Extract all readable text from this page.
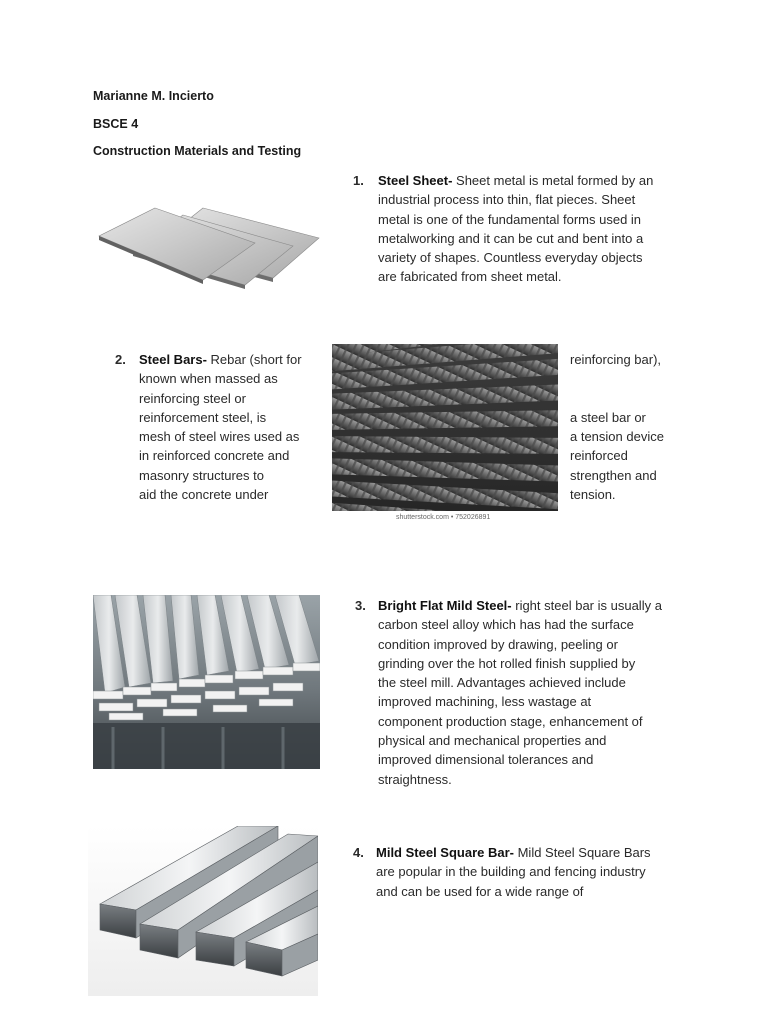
Marianne M. Incierto
BSCE 4
Construction Materials and Testing
1. Steel Sheet- Sheet metal is metal formed by an
industrial process into thin, flat pieces. Sheet
metal is one of the fundamental forms used in
metalworking and it can be cut and bent into a
variety of shapes. Countless everyday objects
are fabricated from sheet metal.
2. Steel Bars- Rebar (short for
known when massed as
reinforcing steel or
reinforcement steel, is
mesh of steel wires used as
in reinforced concrete and
masonry structures to
aid the concrete under
shutterstock.com • 752026891
reinforcing bar),

a steel bar or
a tension device
reinforced
strengthen and
tension.
3. Bright Flat Mild Steel- right steel bar is usually a
carbon steel alloy which has had the surface
condition improved by drawing, peeling or
grinding over the hot rolled finish supplied by
the steel mill. Advantages achieved include
improved machining, less wastage at
component production stage, enhancement of
physical and mechanical properties and
improved dimensional tolerances and
straightness.
4. Mild Steel Square Bar- Mild Steel Square Bars
are popular in the building and fencing industry
and can be used for a wide range of
